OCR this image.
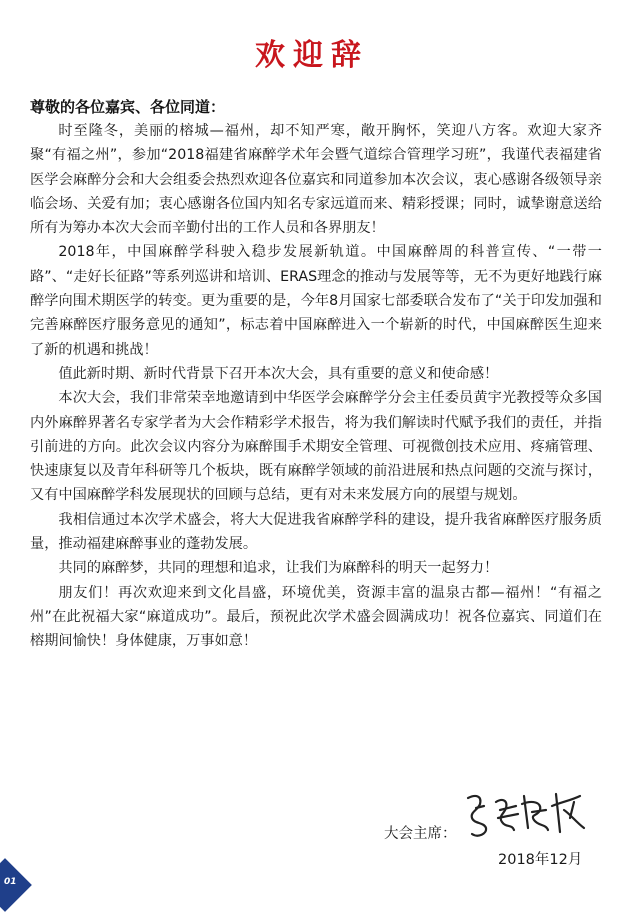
欢迎辞
尊敬的各位嘉宾、各位同道：

时至隆冬，美丽的榕城—福州，却不知严寒，敞开胸怀，笑迎八方客。欢迎大家齐聚“有福之州”，参加“2018福建省麻醉学术年会暨气道综合管理学习班”，我谨代表福建省医学会麻醉分会和大会组委会热烈欢迎各位嘉宾和同道参加本次会议，衷心感谢各级领导亲临会场、关爱有加；衷心感谢各位国内知名专家远道而来、精彩授课；同时，诚挚谢意送给所有为筹办本次大会而辛勤付出的工作人员和各界朋友！

2018年，中国麻醉学科驶入稳步发展新轨道。中国麻醉周的科普宣传、“一带一路”、“走好长征路”等系列巡讲和培训、ERAS理念的推动与发展等等，无不为更好地践行麻醉学向围术期医学的转变。更为重要的是，今年8月国家七部委联合发布了“关于印发加强和完善麻醉医疗服务意见的通知”，标志着中国麻醉进入一个崭新的时代，中国麻醉医生迎来了新的机遇和挑战！

值此新时期、新时代背景下召开本次大会，具有重要的意义和使命感！

本次大会，我们非常荣幸地邀请到中华医学会麻醉学分会主任委员黄宇光教授等众多国内外麻醉界著名专家学者为大会作精彩学术报告，将为我们解读时代赋予我们的责任，并指引前进的方向。此次会议内容分为麻醉围手术期安全管理、可视微创技术应用、疼痛管理、快速康复以及青年科研等几个板块，既有麻醉学领域的前沿进展和热点问题的交流与探讨，又有中国麻醉学科发展现状的回顾与总结，更有对未来发展方向的展望与规划。

我相信通过本次学术盛会，将大大促进我省麻醉学科的建设，提升我省麻醉医疗服务质量，推动福建麻醉事业的蓬勃发展。

共同的麻醉梦，共同的理想和追求，让我们为麻醉科的明天一起努力！

朋友们！再次欢迎来到文化昌盛，环境优美，资源丰富的温泉古都—福州！“有福之州”在此祝福大家“麻道成功”。最后，预祝此次学术盛会圆满成功！祝各位嘉宾、同道们在榕期间愉快！身体健康，万事如意！

大会主席：
2018年12月
01
